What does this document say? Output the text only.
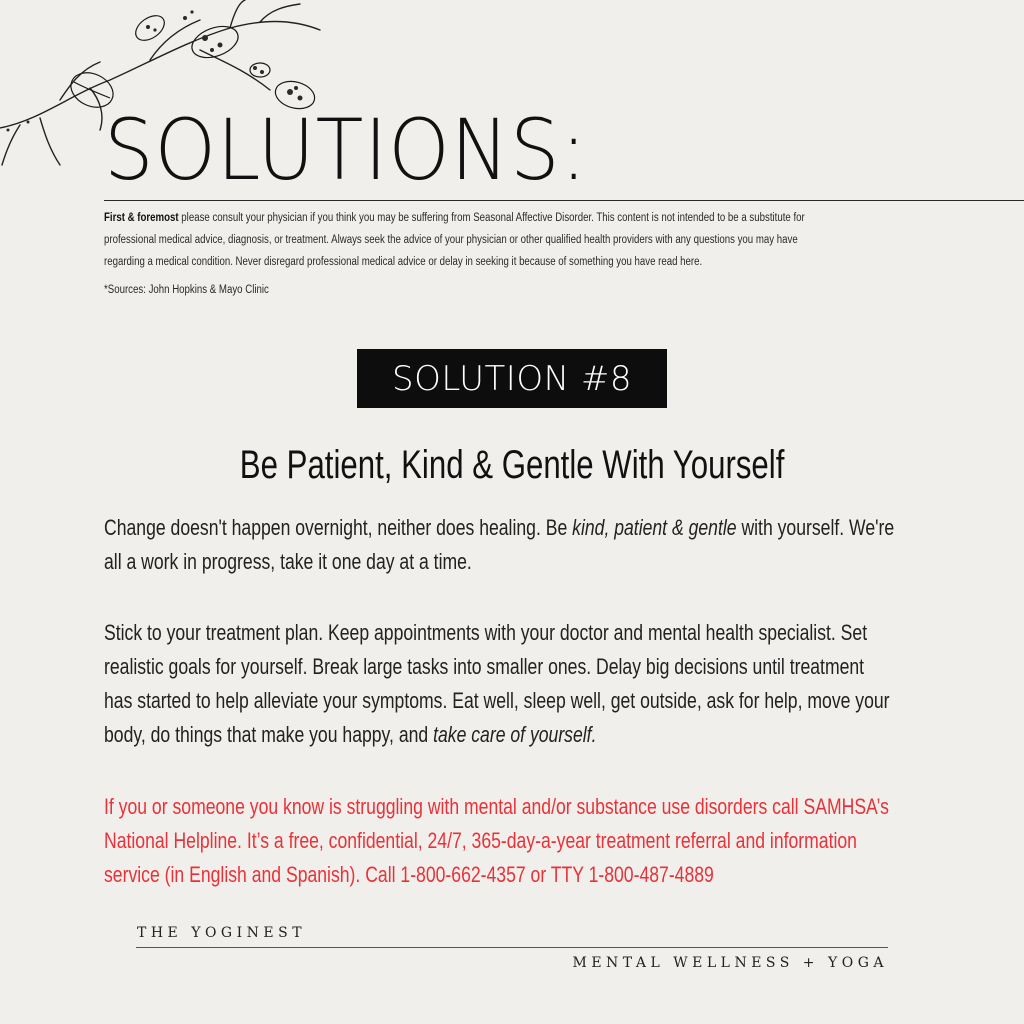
SOLUTIONS:
First & foremost please consult your physician if you think you may be suffering from Seasonal Affective Disorder. This content is not intended to be a substitute for
professional medical advice, diagnosis, or treatment. Always seek the advice of your physician or other qualified health providers with any questions you may have
regarding a medical condition. Never disregard professional medical advice or delay in seeking it because of something you have read here.
*Sources: John Hopkins & Mayo Clinic
SOLUTION #8
Be Patient, Kind & Gentle With Yourself
Change doesn't happen overnight, neither does healing. Be kind, patient & gentle with yourself. We're
all a work in progress, take it one day at a time.
Stick to your treatment plan. Keep appointments with your doctor and mental health specialist. Set
realistic goals for yourself. Break large tasks into smaller ones. Delay big decisions until treatment
has started to help alleviate your symptoms. Eat well, sleep well, get outside, ask for help, move your
body, do things that make you happy, and take care of yourself.
If you or someone you know is struggling with mental and/or substance use disorders call SAMHSA’s
National Helpline. It’s a free, confidential, 24/7, 365-day-a-year treatment referral and information
service (in English and Spanish). Call 1-800-662-4357 or TTY 1-800-487-4889
THE YOGINEST
MENTAL WELLNESS + YOGA
